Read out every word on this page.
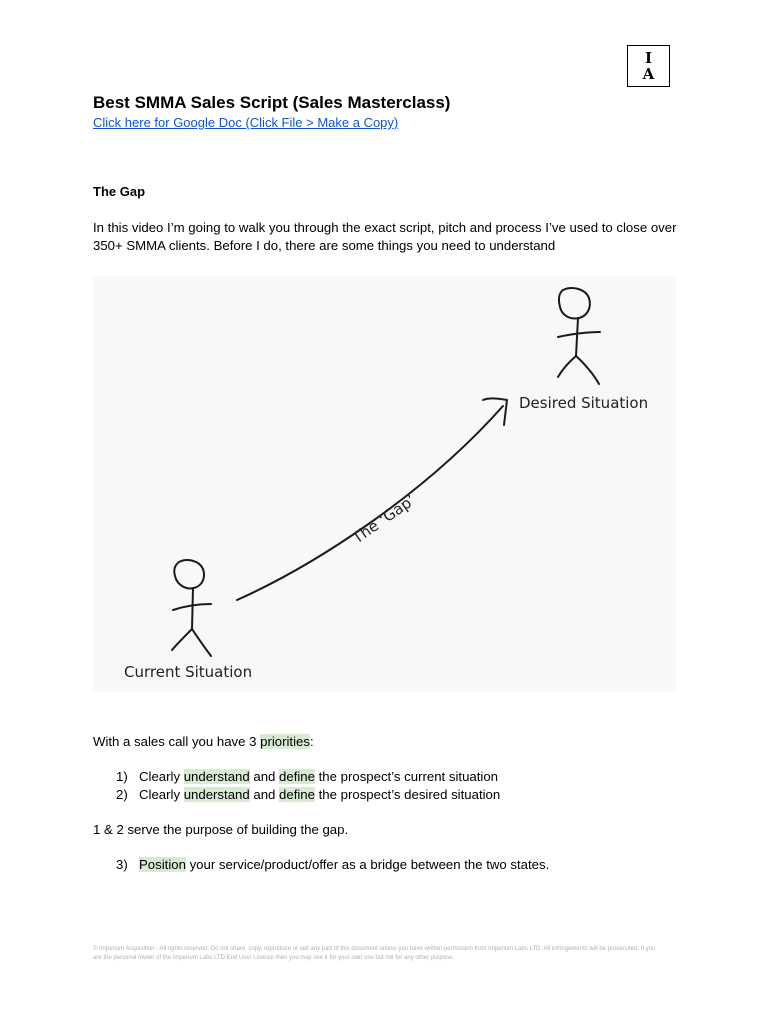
I
A
Best SMMA Sales Script (Sales Masterclass)
Click here for Google Doc (Click File > Make a Copy)
The Gap

In this video I’m going to walk you through the exact script, pitch and process I’ve used to close over 350+ SMMA clients. Before I do, there are some things you need to understand

Desired Situation
The ‘Gap’
Current Situation

With a sales call you have 3 priorities:

1) Clearly understand and define the prospect’s current situation
2) Clearly understand and define the prospect’s desired situation

1 & 2 serve the purpose of building the gap.

3) Position your service/product/offer as a bridge between the two states.

© Imperium Acquisition - All rights reserved. Do not share, copy, reproduce or sell any part of this document unless you have written permission from Imperium Labs LTD. All infringements will be prosecuted. If you are the personal owner of the Imperium Labs LTD End User Licence then you may use it for your own use but not for any other purpose.
